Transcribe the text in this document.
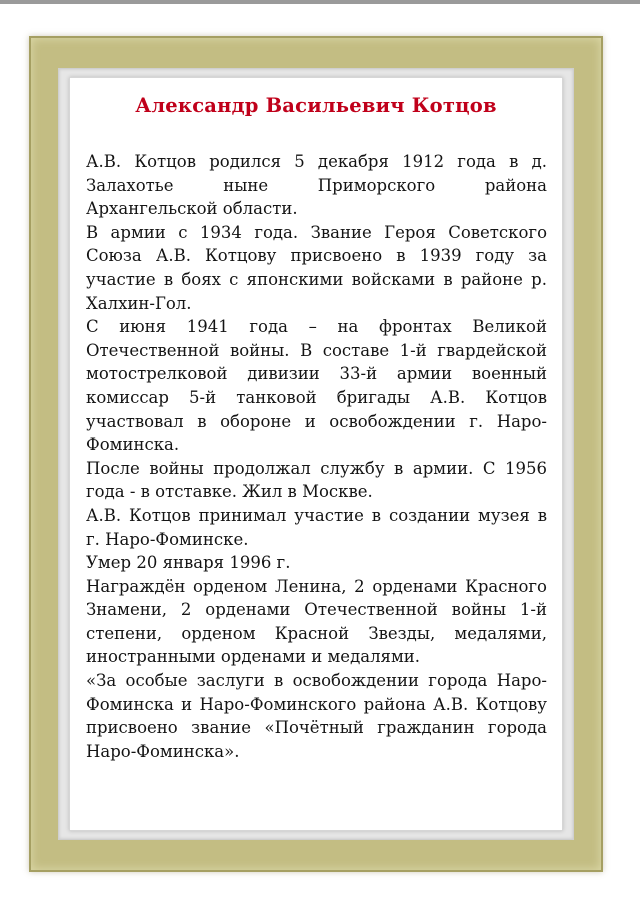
Александр Васильевич Котцов

А.В. Котцов родился 5 декабря 1912 года в д. Залахотье ныне Приморского района Архангельской области.

В армии с 1934 года. Звание Героя Советского Союза А.В. Котцову присвоено в 1939 году за участие в боях с японскими войсками в районе р. Халхин-Гол.

С июня 1941 года – на фронтах Великой Отечественной войны. В составе 1-й гвардейской мотострелковой дивизии 33-й армии военный комиссар 5-й танковой бригады А.В. Котцов участвовал в обороне и освобождении г. Наро-Фоминска.

После войны продолжал службу в армии. С 1956 года - в отставке. Жил в Москве.

А.В. Котцов принимал участие в создании музея в г. Наро-Фоминске.

Умер 20 января 1996 г.

Награждён орденом Ленина, 2 орденами Красного Знамени, 2 орденами Отечественной войны 1-й степени, орденом Красной Звезды, медалями, иностранными орденами и медалями.

«За особые заслуги в освобождении города Наро-Фоминска и Наро-Фоминского района А.В. Котцову присвоено звание «Почётный гражданин города Наро-Фоминска».
